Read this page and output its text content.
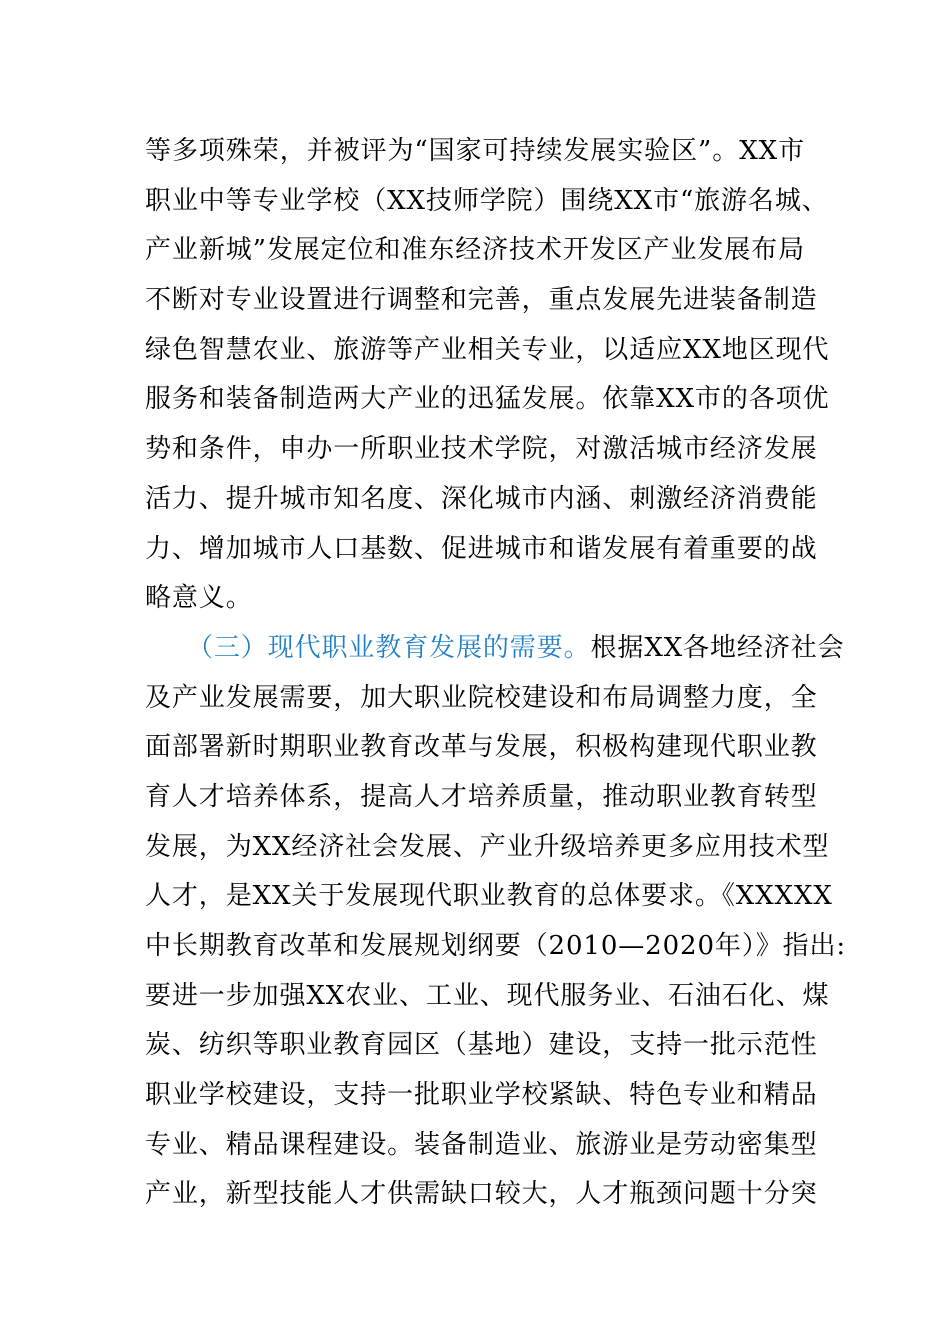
等多项殊荣，并被评为“国家可持续发展实验区”。XX市
职业中等专业学校（XX技师学院）围绕XX市“旅游名城、
产业新城”发展定位和准东经济技术开发区产业发展布局
不断对专业设置进行调整和完善，重点发展先进装备制造
绿色智慧农业、旅游等产业相关专业，以适应XX地区现代
服务和装备制造两大产业的迅猛发展。依靠XX市的各项优
势和条件，申办一所职业技术学院，对激活城市经济发展
活力、提升城市知名度、深化城市内涵、刺激经济消费能
力、增加城市人口基数、促进城市和谐发展有着重要的战
略意义。
（三）现代职业教育发展的需要。根据XX各地经济社会
及产业发展需要，加大职业院校建设和布局调整力度，全
面部署新时期职业教育改革与发展，积极构建现代职业教
育人才培养体系，提高人才培养质量，推动职业教育转型
发展，为XX经济社会发展、产业升级培养更多应用技术型
人才，是XX关于发展现代职业教育的总体要求。《XXXXX
中长期教育改革和发展规划纲要（2010—2020年）》指出:
要进一步加强XX农业、工业、现代服务业、石油石化、煤
炭、纺织等职业教育园区（基地）建设，支持一批示范性
职业学校建设，支持一批职业学校紧缺、特色专业和精品
专业、精品课程建设。装备制造业、旅游业是劳动密集型
产业，新型技能人才供需缺口较大，人才瓶颈问题十分突
